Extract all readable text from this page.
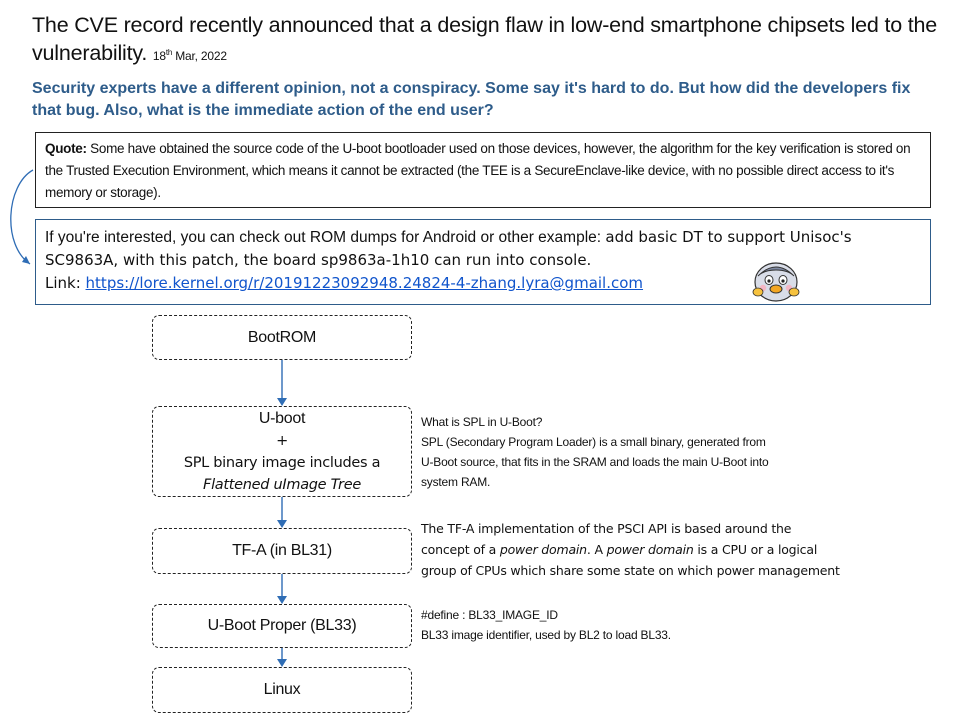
The CVE record recently announced that a design flaw in low-end smartphone chipsets led to the vulnerability. 18th Mar, 2022
Security experts have a different opinion, not a conspiracy. Some say it's hard to do. But how did the developers fix that bug. Also, what is the immediate action of the end user?
Quote: Some have obtained the source code of the U-boot bootloader used on those devices, however, the algorithm for the key verification is stored on the Trusted Execution Environment, which means it cannot be extracted (the TEE is a SecureEnclave-like device, with no possible direct access to it's memory or storage).
If you're interested, you can check out ROM dumps for Android or other example: add basic DT to support Unisoc's SC9863A, with this patch, the board sp9863a-1h10 can run into console.
Link: https://lore.kernel.org/r/20191223092948.24824-4-zhang.lyra@gmail.com
BootROM
U-boot
+
SPL binary image includes a
Flattened uImage Tree
TF-A (in BL31)
U-Boot Proper (BL33)
Linux
What is SPL in U-Boot?
SPL (Secondary Program Loader) is a small binary, generated from
U-Boot source, that fits in the SRAM and loads the main U-Boot into
system RAM.
The TF-A implementation of the PSCI API is based around the
concept of a power domain. A power domain is a CPU or a logical
group of CPUs which share some state on which power management
#define : BL33_IMAGE_ID
BL33 image identifier, used by BL2 to load BL33.
